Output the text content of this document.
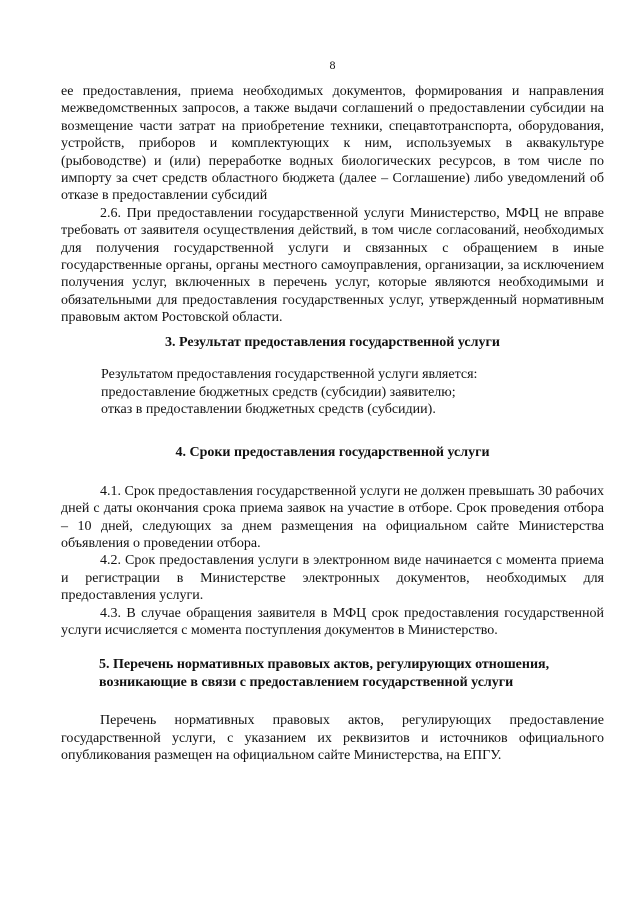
8

ее предоставления, приема необходимых документов, формирования и направления межведомственных запросов, а также выдачи соглашений о предоставлении субсидии на возмещение части затрат на приобретение техники, спецавтотранспорта, оборудования, устройств, приборов и комплектующих к ним, используемых в аквакультуре (рыбоводстве) и (или) переработке водных биологических ресурсов, в том числе по импорту за счет средств областного бюджета (далее – Соглашение) либо уведомлений об отказе в предоставлении субсидий

2.6. При предоставлении государственной услуги Министерство, МФЦ не вправе требовать от заявителя осуществления действий, в том числе согласований, необходимых для получения государственной услуги и связанных с обращением в иные государственные органы, органы местного самоуправления, организации, за исключением получения услуг, включенных в перечень услуг, которые являются необходимыми и обязательными для предоставления государственных услуг, утвержденный нормативным правовым актом Ростовской области.

3. Результат предоставления государственной услуги

Результатом предоставления государственной услуги является:

предоставление бюджетных средств (субсидии) заявителю;

отказ в предоставлении бюджетных средств (субсидии).

4. Сроки предоставления государственной услуги

4.1. Срок предоставления государственной услуги не должен превышать 30 рабочих дней с даты окончания срока приема заявок на участие в отборе. Срок проведения отбора – 10 дней, следующих за днем размещения на официальном сайте Министерства объявления о проведении отбора.

4.2. Срок предоставления услуги в электронном виде начинается с момента приема и регистрации в Министерстве электронных документов, необходимых для предоставления услуги.

4.3. В случае обращения заявителя в МФЦ срок предоставления государственной услуги исчисляется с момента поступления документов в Министерство.

5. Перечень нормативных правовых актов, регулирующих отношения,
возникающие в связи с предоставлением государственной услуги

Перечень нормативных правовых актов, регулирующих предоставление государственной услуги, с указанием их реквизитов и источников официального опубликования размещен на официальном сайте Министерства, на ЕПГУ.
